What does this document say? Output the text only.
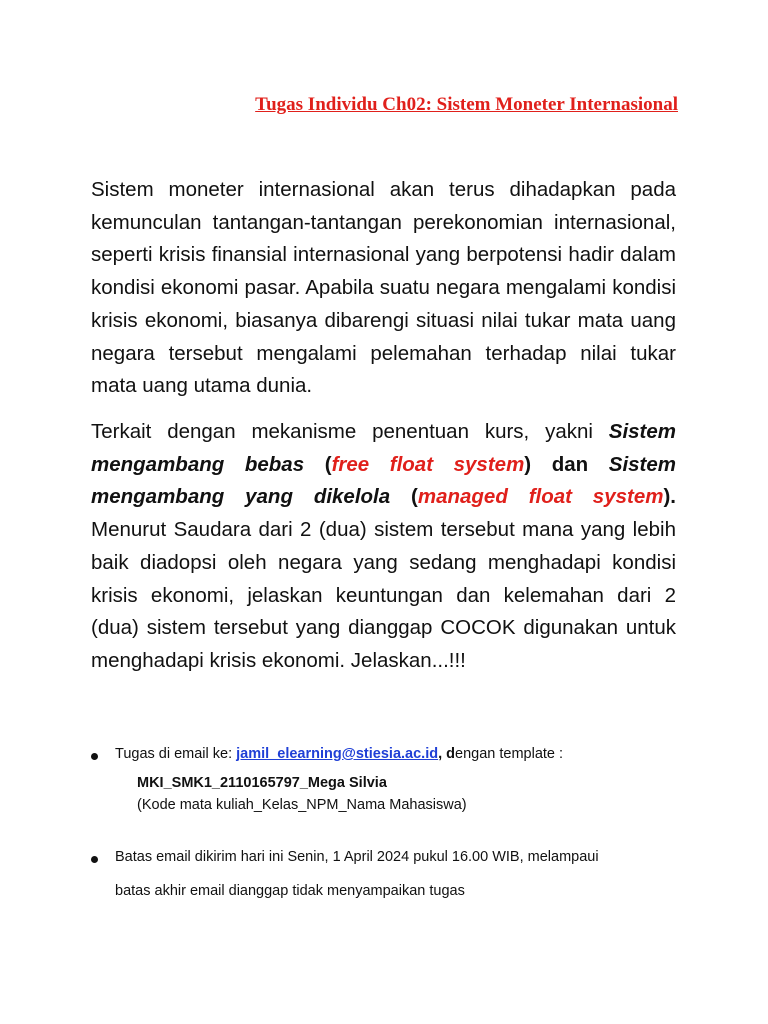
Tugas Individu Ch02: Sistem Moneter Internasional

Sistem moneter internasional akan terus dihadapkan pada kemunculan tantangan-tantangan perekonomian internasional, seperti krisis finansial internasional yang berpotensi hadir dalam kondisi ekonomi pasar. Apabila suatu negara mengalami kondisi krisis ekonomi, biasanya dibarengi situasi nilai tukar mata uang negara tersebut mengalami pelemahan terhadap nilai tukar mata uang utama dunia.

Terkait dengan mekanisme penentuan kurs, yakni Sistem mengambang bebas (free float system) dan Sistem mengambang yang dikelola (managed float system). Menurut Saudara dari 2 (dua) sistem tersebut mana yang lebih baik diadopsi oleh negara yang sedang menghadapi kondisi krisis ekonomi, jelaskan keuntungan dan kelemahan dari 2 (dua) sistem tersebut yang dianggap COCOK digunakan untuk menghadapi krisis ekonomi. Jelaskan...!!!

Tugas di email ke: jamil_elearning@stiesia.ac.id, dengan template :
MKI_SMK1_2110165797_Mega Silvia
(Kode mata kuliah_Kelas_NPM_Nama Mahasiswa)
Batas email dikirim hari ini Senin, 1 April 2024 pukul 16.00 WIB, melampaui
batas akhir email dianggap tidak menyampaikan tugas
